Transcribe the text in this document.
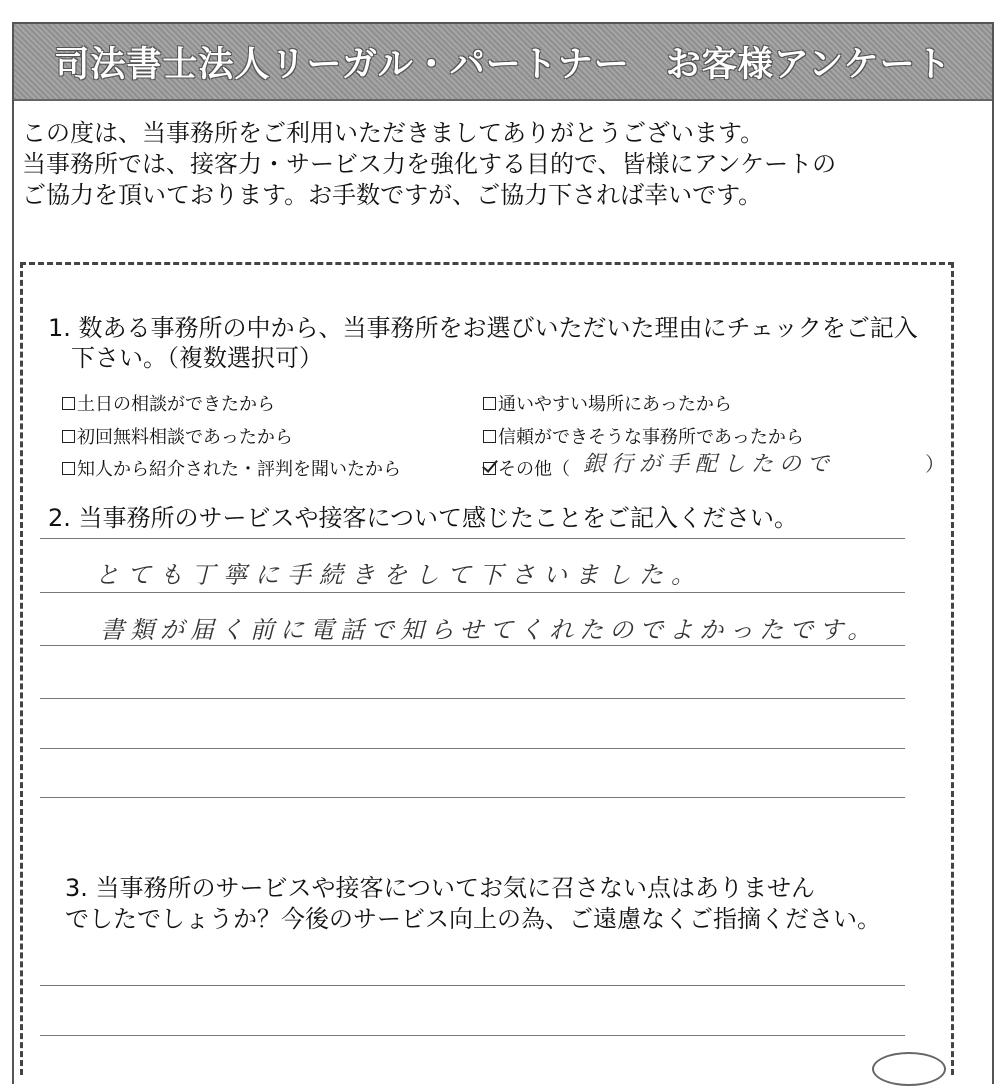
司法書士法人リーガル・パートナー　お客様アンケート
この度は、当事務所をご利用いただきましてありがとうございます。
当事務所では、接客力・サービス力を強化する目的で、皆様にアンケートの
ご協力を頂いております。お手数ですが、ご協力下されば幸いです。
1. 数ある事務所の中から、当事務所をお選びいただいた理由にチェックをご記入
下さい。（複数選択可）
土日の相談ができたから	通いやすい場所にあったから
初回無料相談であったから	信頼ができそうな事務所であったから
知人から紹介された・評判を聞いたから	その他（ 銀行が手配したので	）
2. 当事務所のサービスや接客について感じたことをご記入ください。
とても丁寧に手続きをして下さいました。
書類が届く前に電話で知らせてくれたのでよかったです。
3. 当事務所のサービスや接客についてお気に召さない点はありません
でしたでしょうか？今後のサービス向上の為、ご遠慮なくご指摘ください。
